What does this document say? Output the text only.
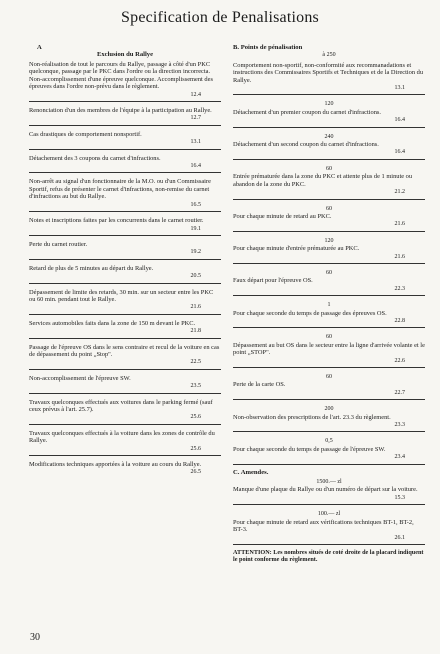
Specification de Penalisations
A
Exclusion du Rallye
Non-réalisation de tout le parcours du Rallye, passage à côté d'un PKC quelconque, passage par le PKC dans l'ordre ou la direction incorrecta. Non-accomplissement d'une épreuve quelconque. Accomplissement des épreuves dans l'ordre non-prévu dans le règlement.
12.4
Renonciation d'un des membres de l'équipe à la participation au Rallye.
12.7
Cas drastiques de comportement nonsportif.
13.1
Détachement des 3 coupons du carnet d'infractions.
16.4
Non-arrêt au signal d'un fonctionnaire de la M.O. ou d'un Commissaire Sportif, refus de présenter le carnet d'infractions, non-remise du carnet d'infractions au but du Rallye.
16.5
Notes et inscriptions faites par les concurrents dans le carnet routier.
19.1
Perte du carnet routier.
19.2
Retard de plus de 5 minutes au départ du Rallye.
20.5
Dépassement de limite des retards, 30 min. sur un secteur entre les PKC ou 60 min. pendant tout le Rallye.
21.6
Services automobiles faits dans la zone de 150 m devant le PKC.
21.8
Passage de l'épreuve OS dans le sens contraire et recul de la voiture en cas de dépassement du point „Stop".
22.5
Non-accomplissement de l'épreuve SW.
23.5
Travaux quelconques effectués aux voitures dans le parking fermé (sauf ceux prévus à l'art. 25.7).
25.6
Travaux quelconques effectués à la voiture dans les zones de contrôle du Rallye.
25.6
Modifications techniques apportées à la voiture au cours du Rallye.
26.5
B. Points de pénalisation
à 250
Comportement non-sportif, non-conformité aux recommanadations et instructions des Commissaires Sportifs et Techniques et de la Direction du Rallye.
13.1
120
Détachement d'un premier coupon du carnet d'infractions.
16.4
240
Détachement d'un second coupon du carnet d'infractions.
16.4
60
Entrée prématurée dans la zone du PKC et attente plus de 1 minute ou abandon de la zone du PKC.
21.2
60
Pour chaque minute de retard au PKC.
21.6
120
Pour chaque minute d'entrée prématurée au PKC.
21.6
60
Faux départ pour l'épreuve OS.
22.3
1
Pour chaque seconde du temps de passage des épreuves OS.
22.8
60
Dépassement au but OS dans le secteur entre la ligne d'arrivée volante et le point „STOP".
22.6
60
Perte de la carte OS.
22.7
200
Non-observation des prescriptions de l'art. 23.3 du règlement.
23.3
0,5
Pour chaque seconde du temps de passage de l'épreuve SW.
23.4
C. Amendes.
1500.— zl
Manque d'une plaque du Rallye ou d'un numéro de départ sur la voiture.
15.3
100.— zl
Pour chaque minute de retard aux vérifications techniques BT-1, BT-2, BT-3.
26.1
ATTENTION: Les nombres situés de coté droite de la placard indiquent le point conforme du règlement.
30
